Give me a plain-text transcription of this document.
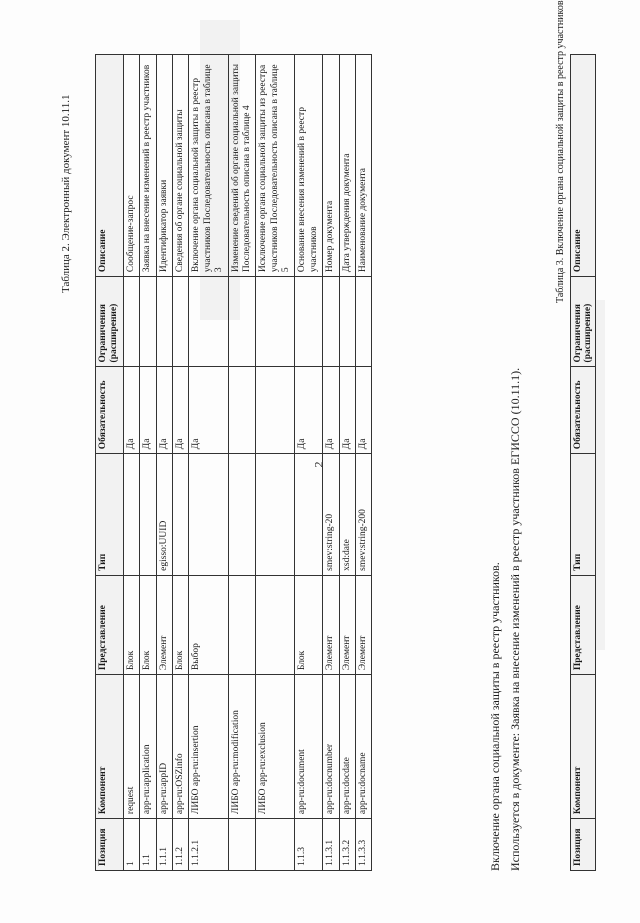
2
Таблица 2. Электронный документ 10.11.1
Позиция	Компонент	Представление	Тип	Обязательность	Ограничения (расширение)	Описание
1	request	Блок		Да		Сообщение-запрос
1.1	app-ru:application	Блок		Да		Заявка на внесение изменений в реестр участников
1.1.1	app-ru:appID	Элемент	egisso:UUID	Да		Идентификатор заявки
1.1.2	app-ru:OSZinfo	Блок		Да		Сведения об органе социальной защиты
1.1.2.1	ЛИБО app-ru:insertion	Выбор		Да		Включение органа социальной защиты в реестр участников Последовательность описана в таблице 3
	ЛИБО app-ru:modification					Изменение сведений об органе социальной защиты Последовательность описана в таблице 4
	ЛИБО app-ru:exclusion					Исключение органа социальной защиты из реестра участников Последовательность описана в таблице 5
1.1.3	app-ru:document	Блок		Да		Основание внесения изменений в реестр участников
1.1.3.1	app-ru:docnumber	Элемент	smev:string-20	Да		Номер документа
1.1.3.2	app-ru:docdate	Элемент	xsd:date	Да		Дата утверждения документа
1.1.3.3	app-ru:docname	Элемент	smev:string-200	Да		Наименование документа
Включение органа социальной защиты в реестр участников. Используется в документе: Заявка на внесение изменений в реестр участников ЕГИССО (10.11.1).
Таблица 3. Включение органа социальной защиты в реестр участников
Позиция	Компонент	Представление	Тип	Обязательность	Ограничения (расширение)	Описание
